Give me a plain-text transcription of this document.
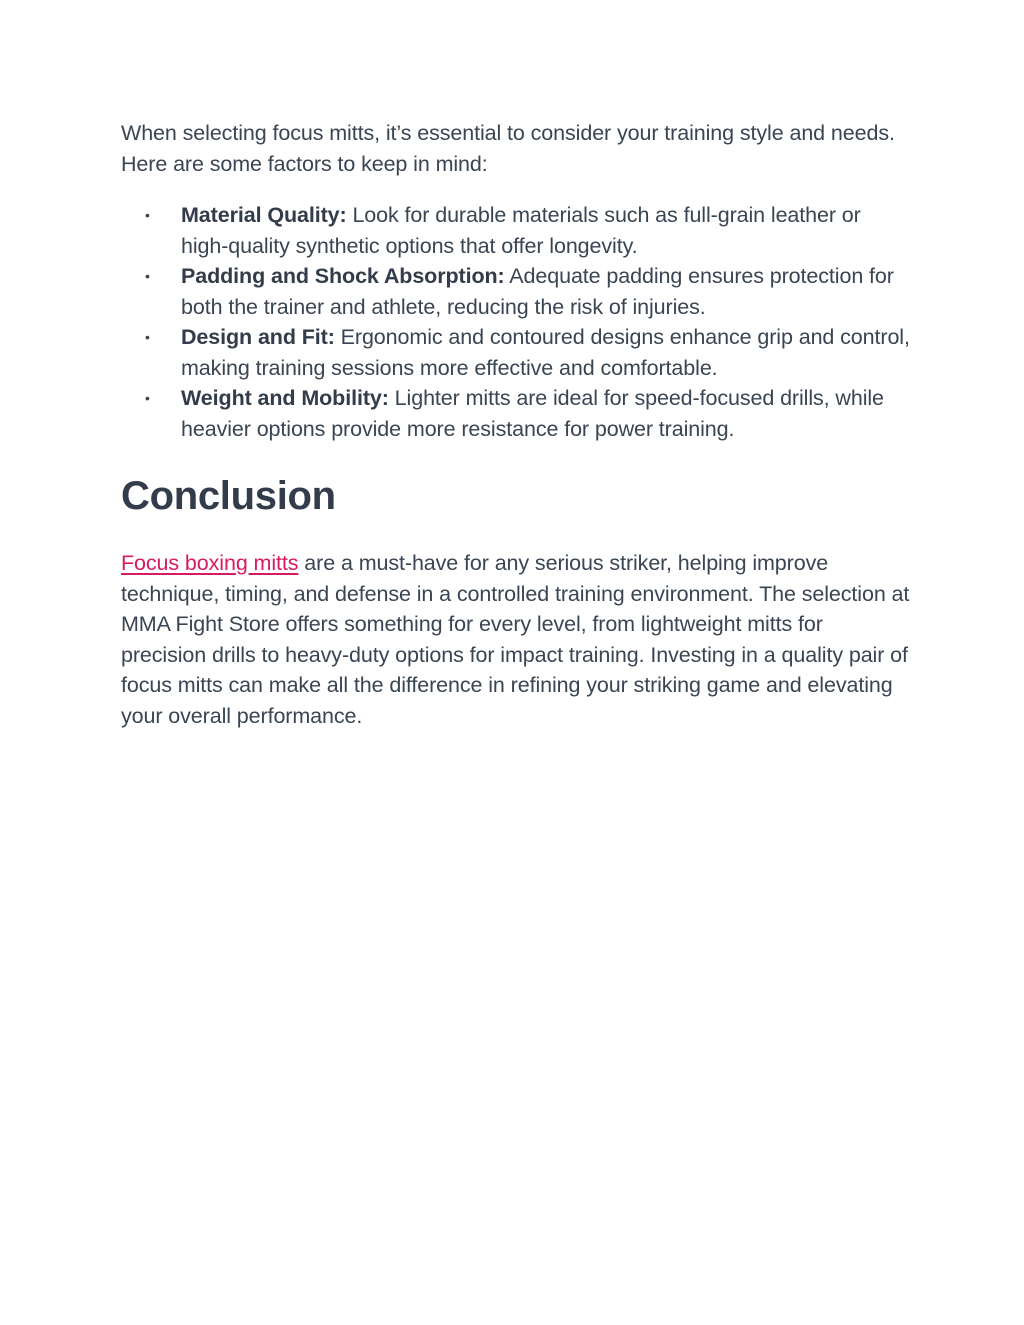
When selecting focus mitts, it’s essential to consider your training style and needs. Here are some factors to keep in mind:

• Material Quality: Look for durable materials such as full-grain leather or high-quality synthetic options that offer longevity.
• Padding and Shock Absorption: Adequate padding ensures protection for both the trainer and athlete, reducing the risk of injuries.
• Design and Fit: Ergonomic and contoured designs enhance grip and control, making training sessions more effective and comfortable.
• Weight and Mobility: Lighter mitts are ideal for speed-focused drills, while heavier options provide more resistance for power training.
Conclusion

Focus boxing mitts are a must-have for any serious striker, helping improve technique, timing, and defense in a controlled training environment. The selection at MMA Fight Store offers something for every level, from lightweight mitts for precision drills to heavy-duty options for impact training. Investing in a quality pair of focus mitts can make all the difference in refining your striking game and elevating your overall performance.
